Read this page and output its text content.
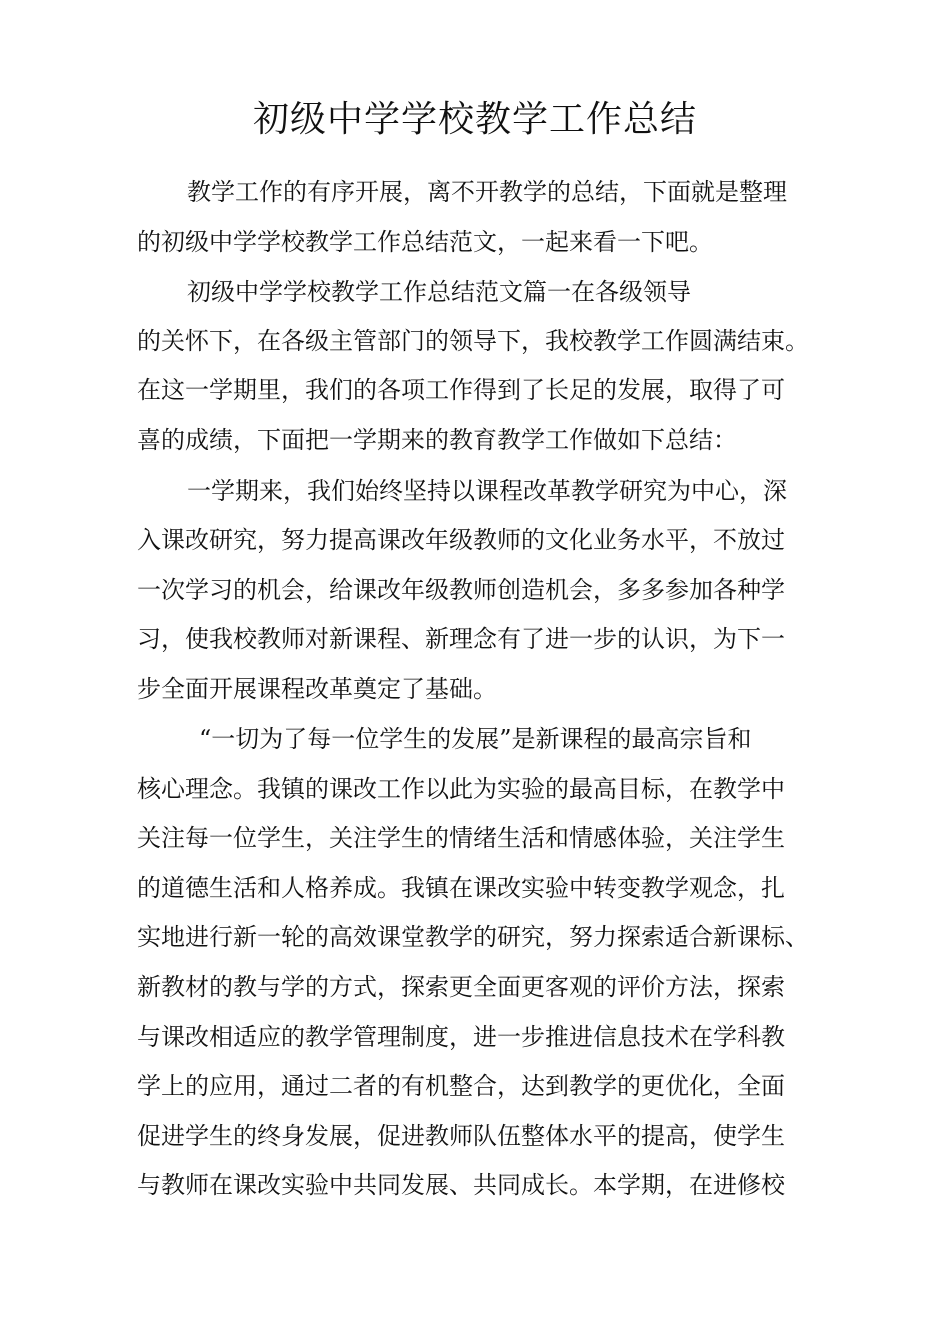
初级中学学校教学工作总结

教学工作的有序开展，离不开教学的总结，下面就是整理

的初级中学学校教学工作总结范文，一起来看一下吧。

初级中学学校教学工作总结范文篇一在各级领导

的关怀下，在各级主管部门的领导下，我校教学工作圆满结束。

在这一学期里，我们的各项工作得到了长足的发展，取得了可

喜的成绩，下面把一学期来的教育教学工作做如下总结：

一学期来，我们始终坚持以课程改革教学研究为中心，深

入课改研究，努力提高课改年级教师的文化业务水平，不放过

一次学习的机会，给课改年级教师创造机会，多多参加各种学

习，使我校教师对新课程、新理念有了进一步的认识，为下一

步全面开展课程改革奠定了基础。

“一切为了每一位学生的发展”是新课程的最高宗旨和

核心理念。我镇的课改工作以此为实验的最高目标，在教学中

关注每一位学生，关注学生的情绪生活和情感体验，关注学生

的道德生活和人格养成。我镇在课改实验中转变教学观念，扎

实地进行新一轮的高效课堂教学的研究，努力探索适合新课标、

新教材的教与学的方式，探索更全面更客观的评价方法，探索

与课改相适应的教学管理制度，进一步推进信息技术在学科教

学上的应用，通过二者的有机整合，达到教学的更优化，全面

促进学生的终身发展，促进教师队伍整体水平的提高，使学生

与教师在课改实验中共同发展、共同成长。本学期，在进修校
